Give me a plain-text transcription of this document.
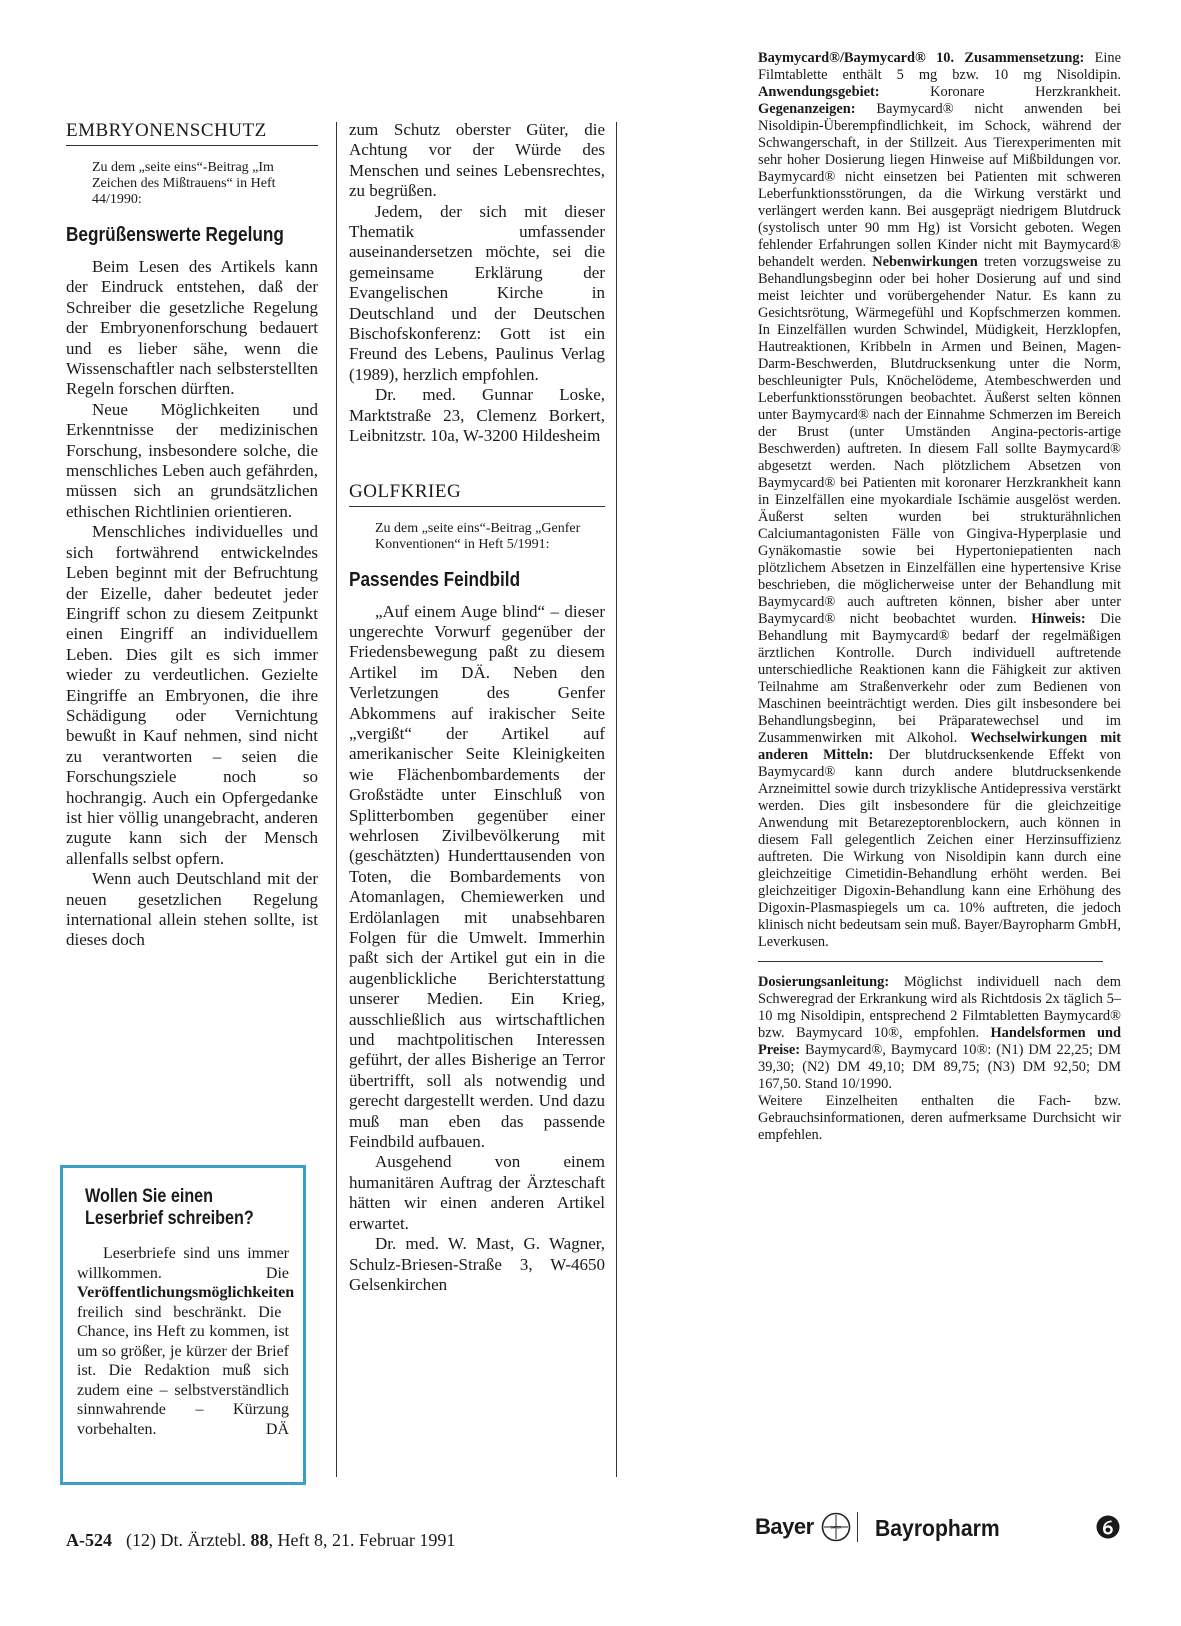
EMBRYONENSCHUTZ
Zu dem „seite eins“-Beitrag „Im Zeichen des Mißtrauens“ in Heft 44/1990:
Begrüßenswerte Regelung

Beim Lesen des Artikels kann der Eindruck entstehen, daß der Schreiber die gesetzliche Regelung der Embryonenforschung bedauert und es lieber sähe, wenn die Wissenschaftler nach selbsterstellten Regeln forschen dürften.

Neue Möglichkeiten und Erkenntnisse der medizinischen Forschung, insbesondere solche, die menschliches Leben auch gefährden, müssen sich an grundsätzlichen ethischen Richtlinien orientieren.

Menschliches individuelles und sich fortwährend entwickelndes Leben beginnt mit der Befruchtung der Eizelle, daher bedeutet jeder Eingriff schon zu diesem Zeitpunkt einen Eingriff an individuellem Leben. Dies gilt es sich immer wieder zu verdeutlichen. Gezielte Eingriffe an Embryonen, die ihre Schädigung oder Vernichtung bewußt in Kauf nehmen, sind nicht zu verantworten – seien die Forschungsziele noch so hochrangig. Auch ein Opfergedanke ist hier völlig unangebracht, anderen zugute kann sich der Mensch allenfalls selbst opfern.

Wenn auch Deutschland mit der neuen gesetzlichen Regelung international allein stehen sollte, ist dieses doch

zum Schutz oberster Güter, die Achtung vor der Würde des Menschen und seines Lebensrechtes, zu begrüßen.

Jedem, der sich mit dieser Thematik umfassender auseinandersetzen möchte, sei die gemeinsame Erklärung der Evangelischen Kirche in Deutschland und der Deutschen Bischofskonferenz: Gott ist ein Freund des Lebens, Paulinus Verlag (1989), herzlich empfohlen.

Dr. med. Gunnar Loske, Marktstraße 23, Clemenz Borkert, Leibnitzstr. 10a, W-3200 Hildesheim

GOLFKRIEG
Zu dem „seite eins“-Beitrag „Genfer Konventionen“ in Heft 5/1991:
Passendes Feindbild

„Auf einem Auge blind“ – dieser ungerechte Vorwurf gegenüber der Friedensbewegung paßt zu diesem Artikel im DÄ. Neben den Verletzungen des Genfer Abkommens auf irakischer Seite „vergißt“ der Artikel auf amerikanischer Seite Kleinigkeiten wie Flächenbombardements der Großstädte unter Einschluß von Splitterbomben gegenüber einer wehrlosen Zivilbevölkerung mit (geschätzten) Hunderttausenden von Toten, die Bombardements von Atomanlagen, Chemiewerken und Erdölanlagen mit unabsehbaren Folgen für die Umwelt. Immerhin paßt sich der Artikel gut ein in die augenblickliche Berichterstattung unserer Medien. Ein Krieg, ausschließlich aus wirtschaftlichen und machtpolitischen Interessen geführt, der alles Bisherige an Terror übertrifft, soll als notwendig und gerecht dargestellt werden. Und dazu muß man eben das passende Feindbild aufbauen.

Ausgehend von einem humanitären Auftrag der Ärzteschaft hätten wir einen anderen Artikel erwartet.

Dr. med. W. Mast, G. Wagner, Schulz-Briesen-Straße 3, W-4650 Gelsenkirchen

Wollen Sie einen
Leserbrief schreiben?

Leserbriefe sind uns immer willkommen. Die Veröffentlichungsmöglichkeiten freilich sind beschränkt. Die Chance, ins Heft zu kommen, ist um so größer, je kürzer der Brief ist. Die Redaktion muß sich zudem eine – selbstverständlich sinnwahrende – Kürzung vorbehalten.	DÄ

Baymycard®/Baymycard® 10. Zusammensetzung: Eine Filmtablette enthält 5 mg bzw. 10 mg Nisoldipin. Anwendungsgebiet: Koronare Herzkrankheit. Gegenanzeigen: Baymycard® nicht anwenden bei Nisoldipin-Überempfindlichkeit, im Schock, während der Schwangerschaft, in der Stillzeit. Aus Tierexperimenten mit sehr hoher Dosierung liegen Hinweise auf Mißbildungen vor. Baymycard® nicht einsetzen bei Patienten mit schweren Leberfunktionsstörungen, da die Wirkung verstärkt und verlängert werden kann. Bei ausgeprägt niedrigem Blutdruck (systolisch unter 90 mm Hg) ist Vorsicht geboten. Wegen fehlender Erfahrungen sollen Kinder nicht mit Baymycard® behandelt werden. Nebenwirkungen treten vorzugsweise zu Behandlungsbeginn oder bei hoher Dosierung auf und sind meist leichter und vorübergehender Natur. Es kann zu Gesichtsrötung, Wärmegefühl und Kopfschmerzen kommen. In Einzelfällen wurden Schwindel, Müdigkeit, Herzklopfen, Hautreaktionen, Kribbeln in Armen und Beinen, Magen-Darm-Beschwerden, Blutdrucksenkung unter die Norm, beschleunigter Puls, Knöchelödeme, Atembeschwerden und Leberfunktionsstörungen beobachtet. Äußerst selten können unter Baymycard® nach der Einnahme Schmerzen im Bereich der Brust (unter Umständen Angina-pectoris-artige Beschwerden) auftreten. In diesem Fall sollte Baymycard® abgesetzt werden. Nach plötzlichem Absetzen von Baymycard® bei Patienten mit koronarer Herzkrankheit kann in Einzelfällen eine myokardiale Ischämie ausgelöst werden. Äußerst selten wurden bei strukturähnlichen Calciumantagonisten Fälle von Gingiva-Hyperplasie und Gynäkomastie sowie bei Hypertoniepatienten nach plötzlichem Absetzen in Einzelfällen eine hypertensive Krise beschrieben, die möglicherweise unter der Behandlung mit Baymycard® auch auftreten können, bisher aber unter Baymycard® nicht beobachtet wurden. Hinweis: Die Behandlung mit Baymycard® bedarf der regelmäßigen ärztlichen Kontrolle. Durch individuell auftretende unterschiedliche Reaktionen kann die Fähigkeit zur aktiven Teilnahme am Straßenverkehr oder zum Bedienen von Maschinen beeinträchtigt werden. Dies gilt insbesondere bei Behandlungsbeginn, bei Präparatewechsel und im Zusammenwirken mit Alkohol. Wechselwirkungen mit anderen Mitteln: Der blutdrucksenkende Effekt von Baymycard® kann durch andere blutdrucksenkende Arzneimittel sowie durch trizyklische Antidepressiva verstärkt werden. Dies gilt insbesondere für die gleichzeitige Anwendung mit Betarezeptorenblockern, auch können in diesem Fall gelegentlich Zeichen einer Herzinsuffizienz auftreten. Die Wirkung von Nisoldipin kann durch eine gleichzeitige Cimetidin-Behandlung erhöht werden. Bei gleichzeitiger Digoxin-Behandlung kann eine Erhöhung des Digoxin-Plasmaspiegels um ca. 10% auftreten, die jedoch klinisch nicht bedeutsam sein muß. Bayer/Bayropharm GmbH, Leverkusen.

Dosierungsanleitung: Möglichst individuell nach dem Schweregrad der Erkrankung wird als Richtdosis 2x täglich 5–10 mg Nisoldipin, entsprechend 2 Filmtabletten Baymycard® bzw. Baymycard 10®, empfohlen. Handelsformen und Preise: Baymycard®, Baymycard 10®: (N1) DM 22,25; DM 39,30; (N2) DM 49,10; DM 89,75; (N3) DM 92,50; DM 167,50. Stand 10/1990.

Weitere Einzelheiten enthalten die Fach- bzw. Gebrauchsinformationen, deren aufmerksame Durchsicht wir empfehlen.

Bayer	BAYER Bayropharm
A-524 (12) Dt. Ärztebl. 88, Heft 8, 21. Februar 1991
